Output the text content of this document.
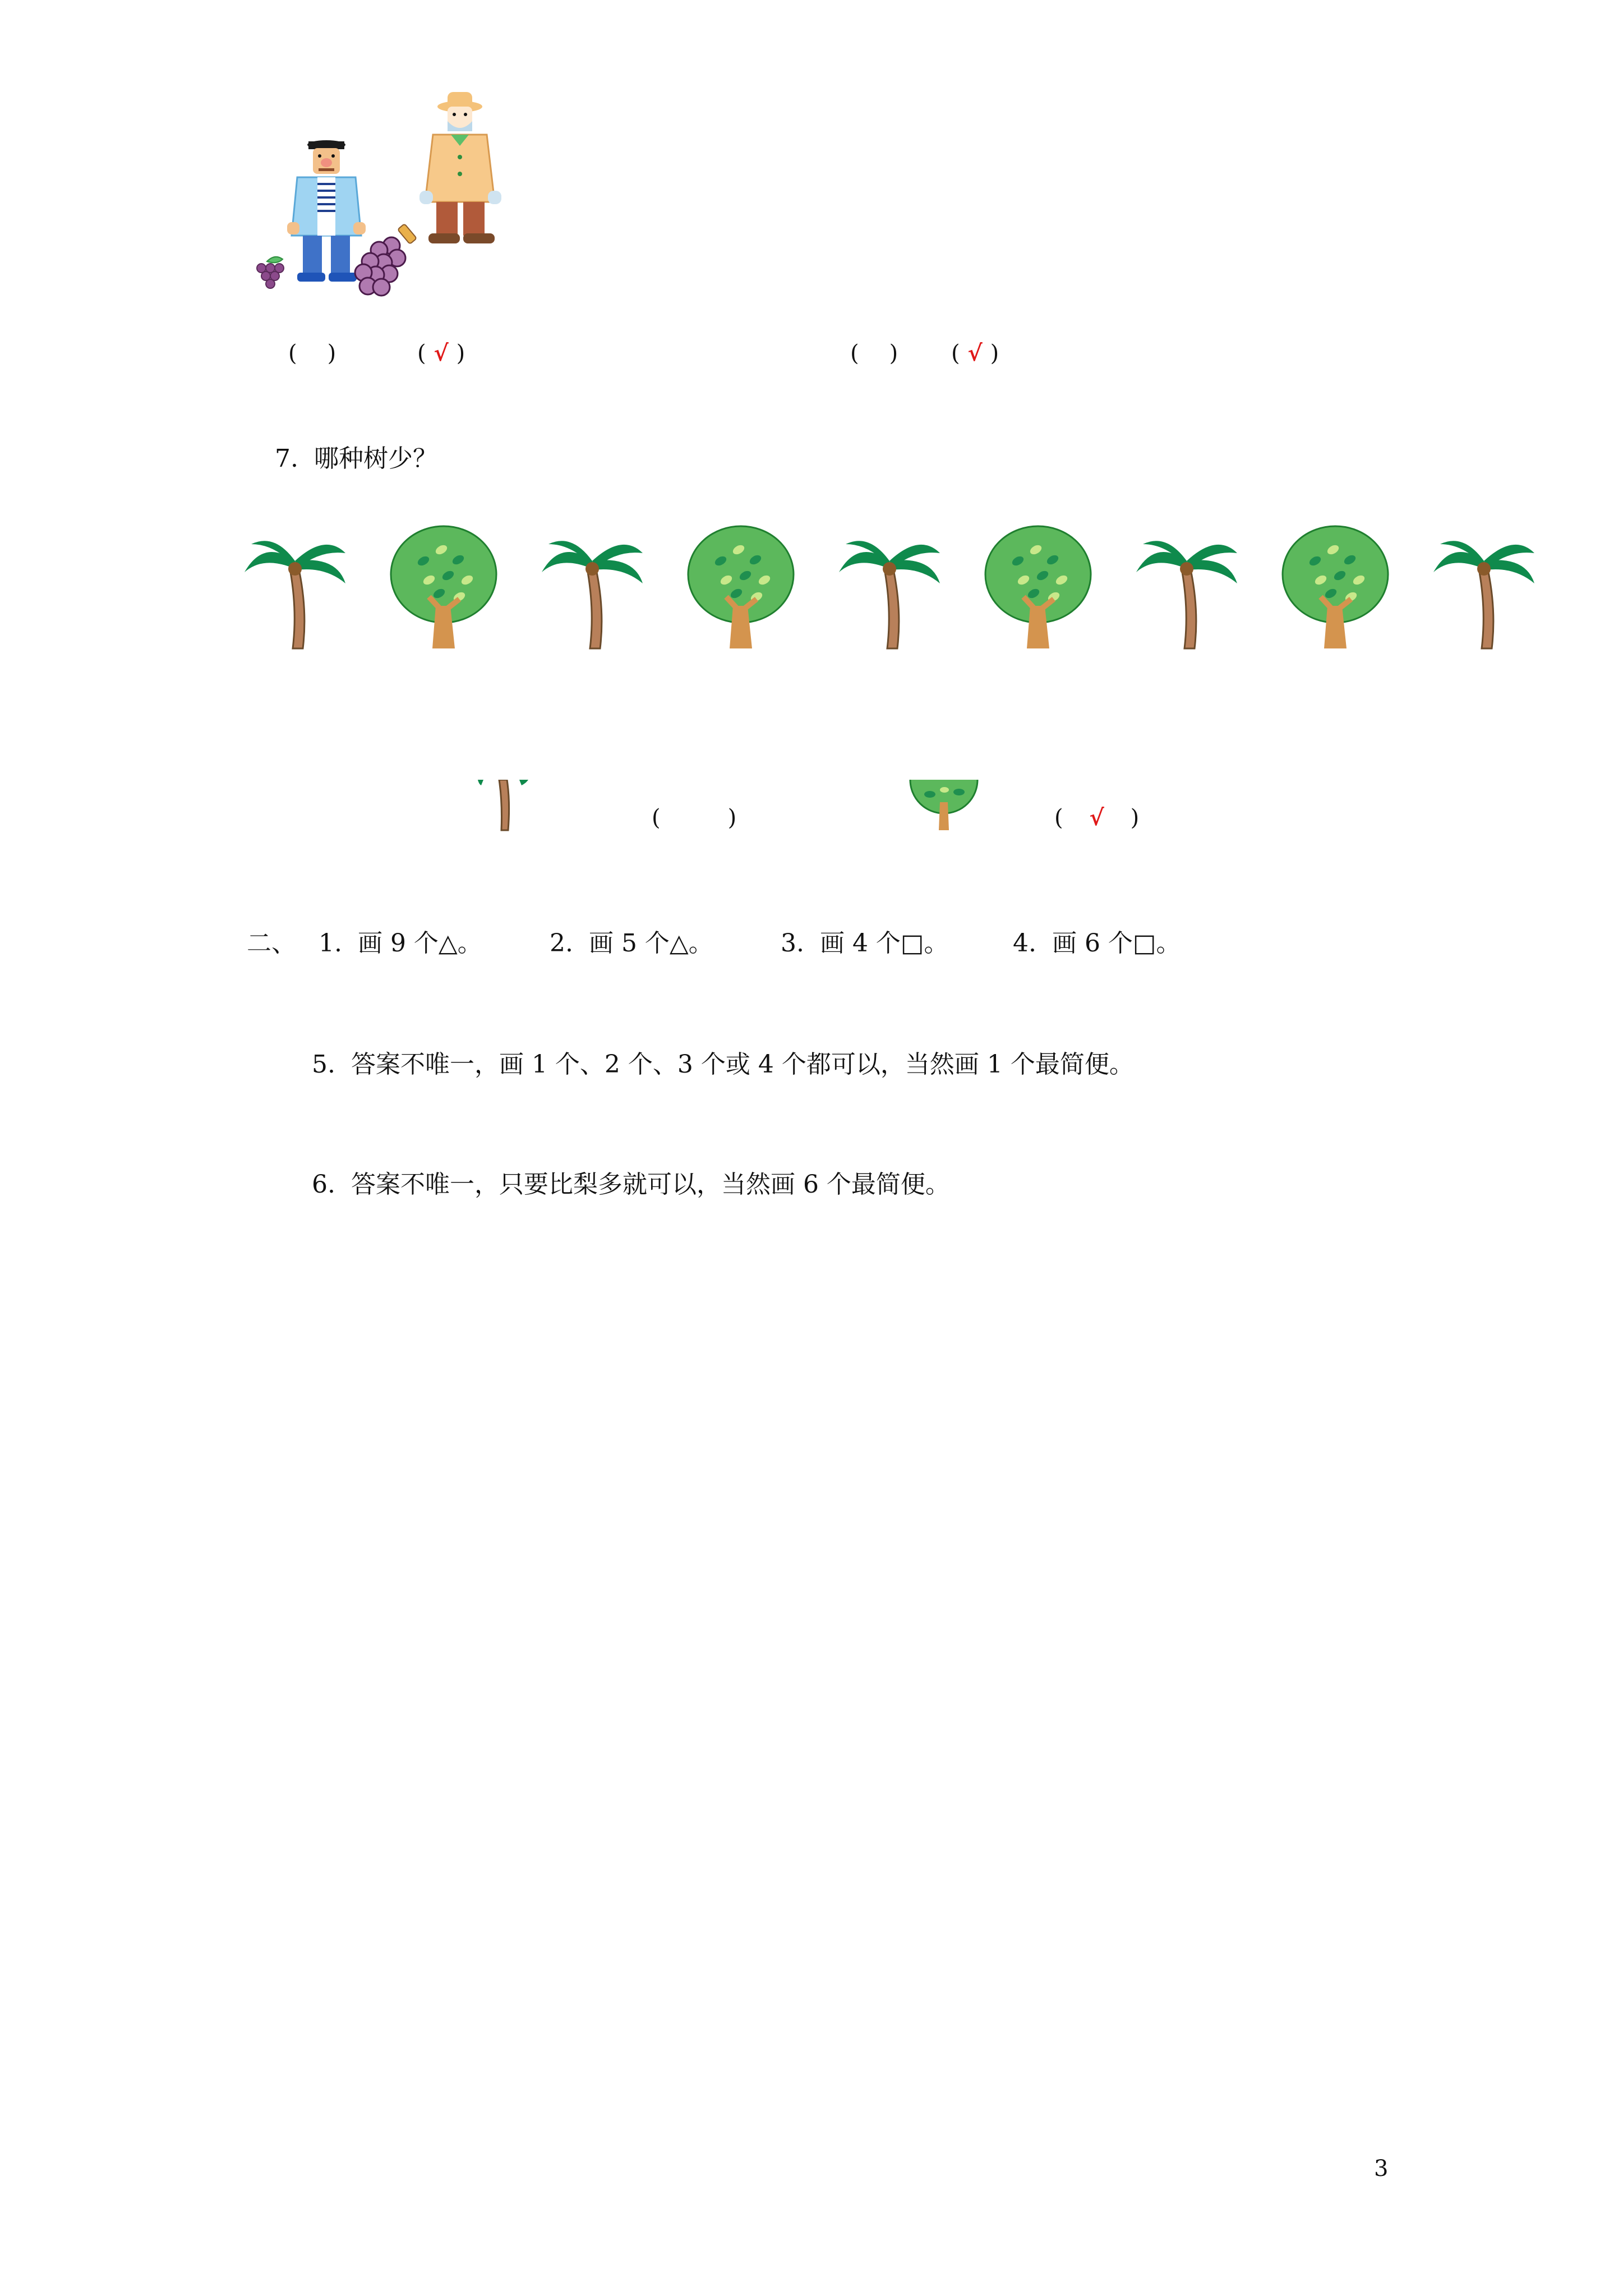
( )	( √ )	( ) ( √ )
7. 哪种树少？
(	)	( √ )
二、 1. 画 9 个△。	2. 画 5 个△。	3. 画 4 个□。	4. 画 6 个□。
5. 答案不唯一，画 1 个、2 个、3 个或 4 个都可以，当然画 1 个最简便。
6. 答案不唯一，只要比梨多就可以，当然画 6 个最简便。
3
